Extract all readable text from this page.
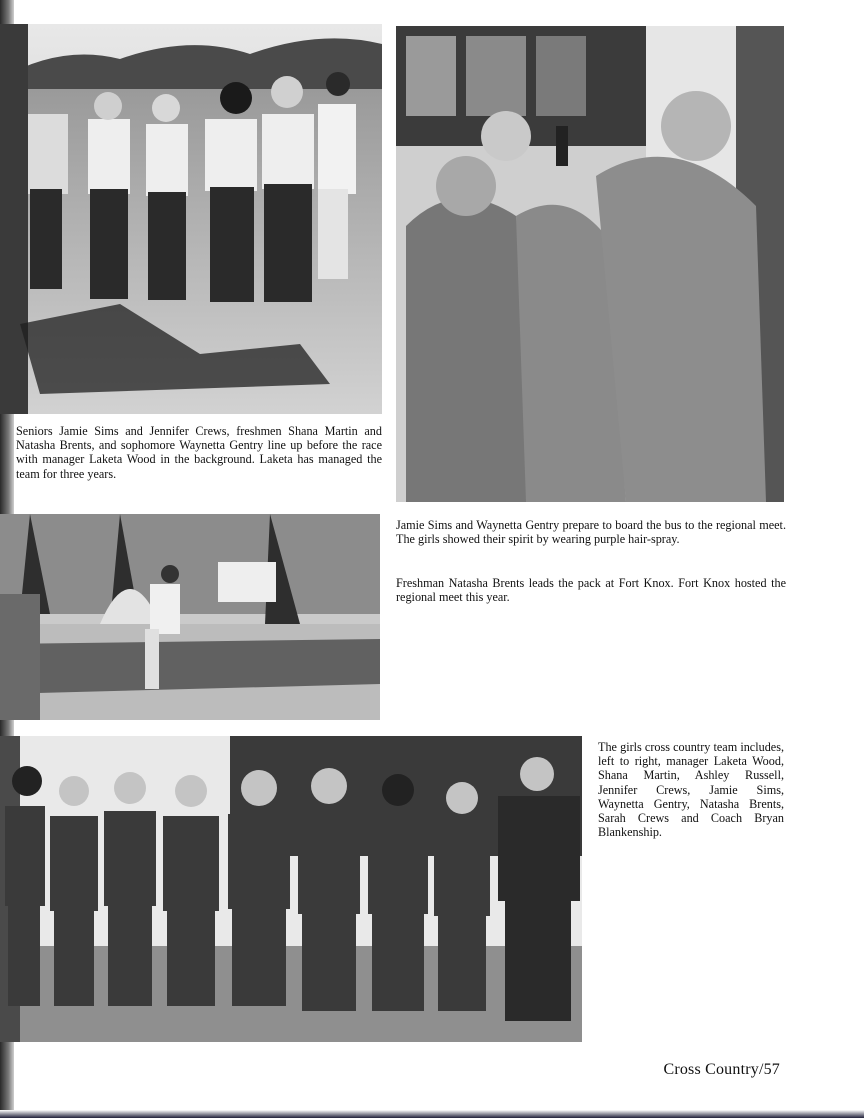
Seniors Jamie Sims and Jennifer Crews, freshmen Shana Martin and Natasha Brents, and sophomore Waynetta Gentry line up before the race with manager Laketa Wood in the background. Laketa has managed the team for three years.

Jamie Sims and Waynetta Gentry prepare to board the bus to the regional meet. The girls showed their spirit by wearing purple hair-spray.

Freshman Natasha Brents leads the pack at Fort Knox. Fort Knox hosted the regional meet this year.

The girls cross country team includes, left to right, manager Laketa Wood, Shana Martin, Ashley Russell, Jennifer Crews, Jamie Sims, Waynetta Gentry, Natasha Brents, Sarah Crews and Coach Bryan Blankenship.

Cross Country/57
